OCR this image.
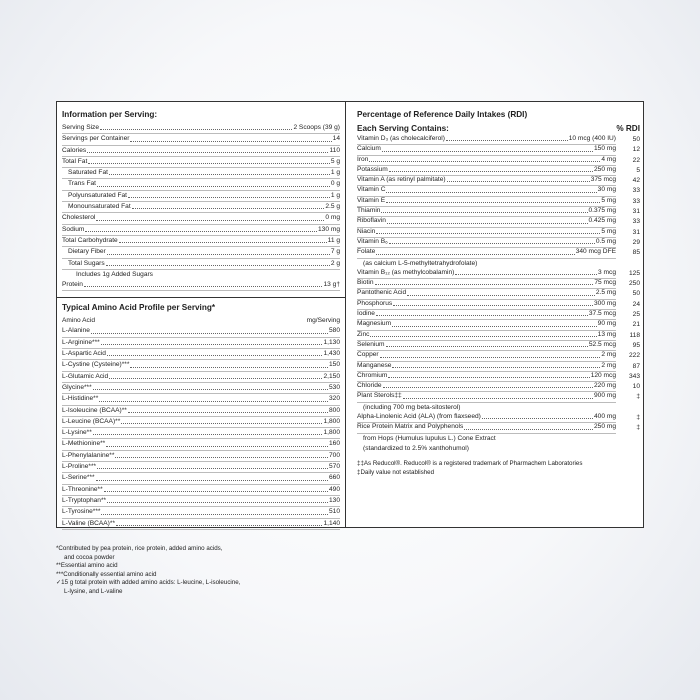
Information per Serving:
Serving Size	2 Scoops (39 g)
Servings per Container	14
Calories	110
Total Fat	5 g
Saturated Fat	1 g
Trans Fat	0 g
Polyunsaturated Fat	1 g
Monounsaturated Fat	2.5 g
Cholesterol	0 mg
Sodium	130 mg
Total Carbohydrate	11 g
Dietary Fiber	7 g
Total Sugars	2 g
Includes 1g Added Sugars
Protein	13 g†
Typical Amino Acid Profile per Serving*
Amino Acid	mg/Serving
L-Alanine	580
L-Arginine***	1,130
L-Aspartic Acid	1,430
L-Cystine (Cysteine)***	150
L-Glutamic Acid	2,150
Glycine***	530
L-Histidine**	320
L-Isoleucine (BCAA)**	800
L-Leucine (BCAA)**	1,800
L-Lysine**	1,800
L-Methionine**	160
L-Phenylalanine**	700
L-Proline***	570
L-Serine***	660
L-Threonine**	490
L-Tryptophan**	130
L-Tyrosine***	510
L-Valine (BCAA)**	1,140
Percentage of Reference Daily Intakes (RDI)
Each Serving Contains:	% RDI
Vitamin D₃ (as cholecalciferol)	10 mcg (400 IU)	50
Calcium	150 mg	12
Iron	4 mg	22
Potassium	250 mg	5
Vitamin A (as retinyl palmitate)	375 mcg	42
Vitamin C	30 mg	33
Vitamin E	5 mg	33
Thiamin	0.375 mg	31
Riboflavin	0.425 mg	33
Niacin	5 mg	31
Vitamin B₆	0.5 mg	29
Folate	340 mcg DFE	85
(as calcium L-5-methyltetrahydrofolate)
Vitamin B₁₂ (as methylcobalamin)	3 mcg	125
Biotin	75 mcg	250
Pantothenic Acid	2.5 mg	50
Phosphorus	300 mg	24
Iodine	37.5 mcg	25
Magnesium	90 mg	21
Zinc	13 mg	118
Selenium	52.5 mcg	95
Copper	2 mg	222
Manganese	2 mg	87
Chromium	120 mcg	343
Chloride	220 mg	10
Plant Sterols‡‡	900 mg	‡
(including 700 mg beta-sitosterol)
Alpha-Linolenic Acid (ALA) (from flaxseed)	400 mg	‡
Rice Protein Matrix and Polyphenols	250 mg	‡
from Hops (Humulus lupulus L.) Cone Extract
(standardized to 2.5% xanthohumol)
‡‡As Reducol®. Reducol® is a registered trademark of Pharmachem Laboratories
‡Daily value not established
*Contributed by pea protein, rice protein, added amino acids,
and cocoa powder
**Essential amino acid
***Conditionally essential amino acid
✓15 g total protein with added amino acids: L-leucine, L-isoleucine,
L-lysine, and L-valine
